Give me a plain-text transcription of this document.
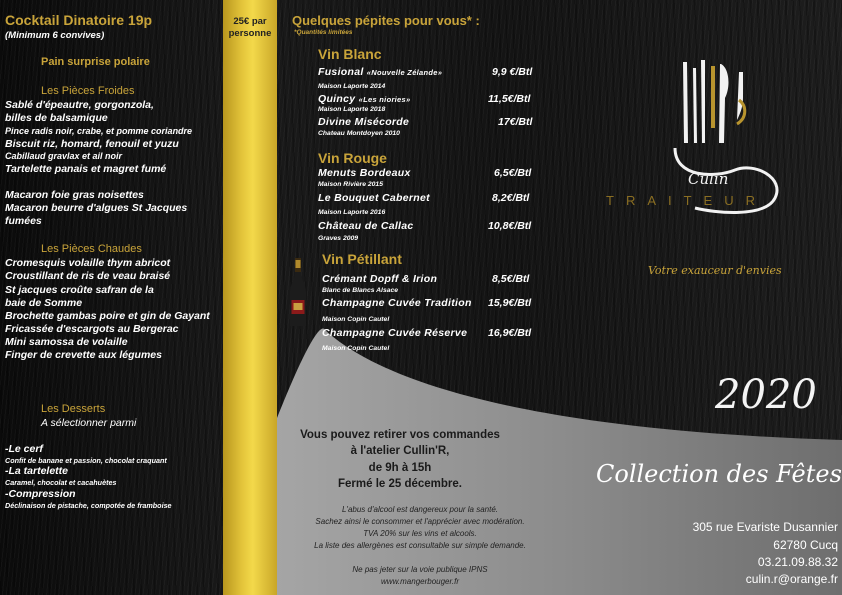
25€ par
personne
Cocktail Dinatoire 19p
(Minimum 6 convives)
Pain surprise polaire
Les Pièces Froides
Sablé d'épeautre, gorgonzola,
billes de balsamique
Pince radis noir, crabe, et pomme coriandre
Biscuit riz, homard, fenouil et yuzu
Cabillaud gravlax et ail noir
Tartelette panais et magret fumé
Macaron foie gras noisettes
Macaron beurre d'algues St Jacques
fumées
Les Pièces Chaudes
Cromesquis volaille thym abricot
Croustillant de ris de veau braisé
St jacques croûte safran de la
baie de Somme
Brochette gambas poire et gin de Gayant
Fricassée d'escargots au Bergerac
Mini samossa de volaille
Finger de crevette aux légumes
Les Desserts
A sélectionner parmi
-Le cerf
Confit de banane et passion, chocolat craquant
-La tartelette
Caramel, chocolat et cacahuètes
-Compression
Déclinaison de pistache, compotée de framboise
Quelques pépites pour vous* :
*Quantités limitées
Vin Blanc
Fusional «Nouvelle Zélande»	9,9 €/Btl
Maison Laporte 2014
Quincy «Les niories»	11,5€/Btl
Maison Laporte 2018
Divine Misécorde	17€/Btl
Chateau Montdoyen 2010
Vin Rouge
Menuts Bordeaux	6,5€/Btl
Maison Rivière 2015
Le Bouquet Cabernet	8,2€/Btl
Maison Laporte 2016
Château de Callac	10,8€/Btl
Graves 2009
Vin Pétillant
Crémant Dopff & Irion	8,5€/Btl
Blanc de Blancs Alsace
Champagne Cuvée Tradition 15,9€/Btl
Maison Copin Cautel
Champagne Cuvée Réserve 16,9€/Btl
Maison Copin Cautel
Culin
TRAITEUR
Votre exauceur d'envies
2020
Vous pouvez retirer vos commandes
à l'atelier Cullin'R,
de 9h à 15h
Fermé le 25 décembre.
L'abus d'alcool est dangereux pour la santé.
Sachez ainsi le consommer et l'apprécier avec modération.
TVA 20% sur les vins et alcools.
La liste des allergènes est consultable sur simple demande.
Ne pas jeter sur la voie publique IPNS
www.mangerbouger.fr
Collection des Fêtes
305 rue Evariste Dusannier
62780 Cucq
03.21.09.88.32
culin.r@orange.fr
